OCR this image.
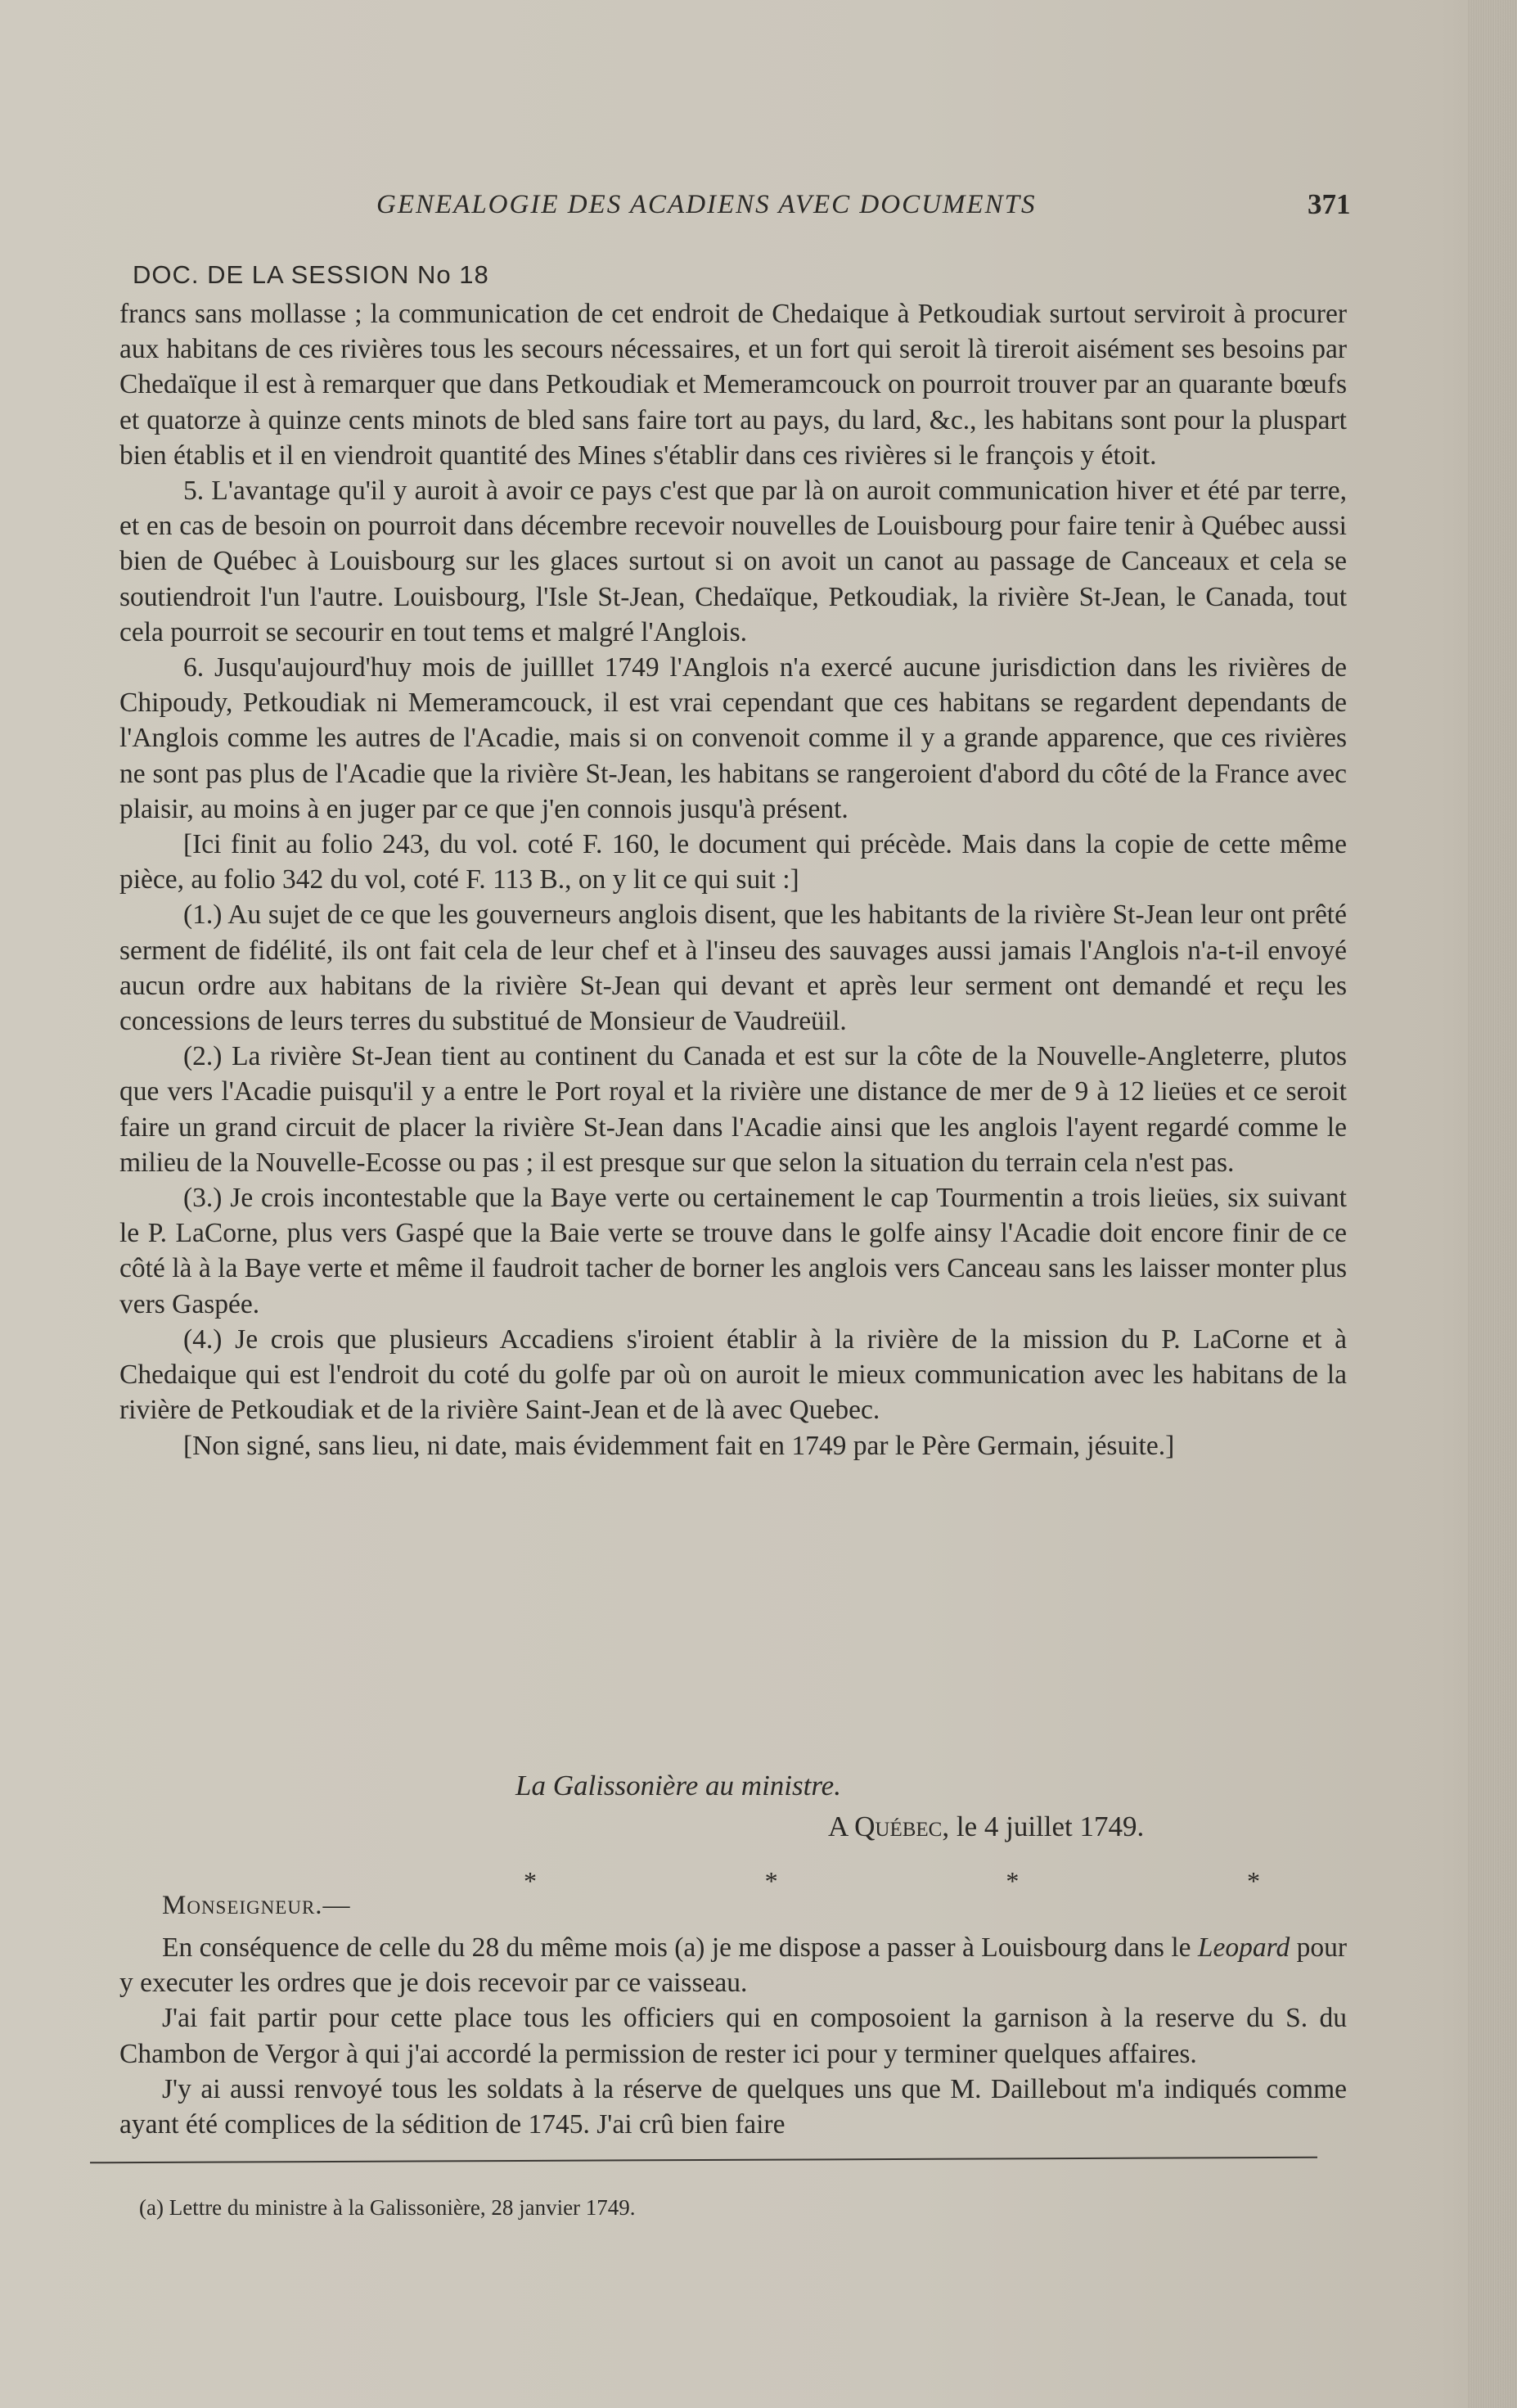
GENEALOGIE DES ACADIENS AVEC DOCUMENTS	371
DOC. DE LA SESSION No 18

francs sans mollasse ; la communication de cet endroit de Chedaique à Petkoudiak surtout serviroit à procurer aux habitans de ces rivières tous les secours nécessaires, et un fort qui seroit là tireroit aisément ses besoins par Chedaïque il est à remarquer que dans Petkoudiak et Memeramcouck on pourroit trouver par an quarante bœufs et quatorze à quinze cents minots de bled sans faire tort au pays, du lard, &c., les habitans sont pour la pluspart bien établis et il en viendroit quantité des Mines s'établir dans ces rivières si le françois y étoit.

5. L'avantage qu'il y auroit à avoir ce pays c'est que par là on auroit communication hiver et été par terre, et en cas de besoin on pourroit dans décembre recevoir nouvelles de Louisbourg pour faire tenir à Québec aussi bien de Québec à Louisbourg sur les glaces surtout si on avoit un canot au passage de Canceaux et cela se soutiendroit l'un l'autre. Louisbourg, l'Isle St-Jean, Chedaïque, Petkoudiak, la rivière St-Jean, le Canada, tout cela pourroit se secourir en tout tems et malgré l'Anglois.

6. Jusqu'aujourd'huy mois de juilllet 1749 l'Anglois n'a exercé aucune jurisdiction dans les rivières de Chipoudy, Petkoudiak ni Memeramcouck, il est vrai cependant que ces habitans se regardent dependants de l'Anglois comme les autres de l'Acadie, mais si on convenoit comme il y a grande apparence, que ces rivières ne sont pas plus de l'Acadie que la rivière St-Jean, les habitans se rangeroient d'abord du côté de la France avec plaisir, au moins à en juger par ce que j'en connois jusqu'à présent.

[Ici finit au folio 243, du vol. coté F. 160, le document qui précède. Mais dans la copie de cette même pièce, au folio 342 du vol, coté F. 113 B., on y lit ce qui suit :]

(1.) Au sujet de ce que les gouverneurs anglois disent, que les habitants de la rivière St-Jean leur ont prêté serment de fidélité, ils ont fait cela de leur chef et à l'inseu des sauvages aussi jamais l'Anglois n'a-t-il envoyé aucun ordre aux habitans de la rivière St-Jean qui devant et après leur serment ont demandé et reçu les concessions de leurs terres du substitué de Monsieur de Vaudreüil.

(2.) La rivière St-Jean tient au continent du Canada et est sur la côte de la Nouvelle-Angleterre, plutos que vers l'Acadie puisqu'il y a entre le Port royal et la rivière une distance de mer de 9 à 12 lieües et ce seroit faire un grand circuit de placer la rivière St-Jean dans l'Acadie ainsi que les anglois l'ayent regardé comme le milieu de la Nouvelle-Ecosse ou pas ; il est presque sur que selon la situation du terrain cela n'est pas.

(3.) Je crois incontestable que la Baye verte ou certainement le cap Tourmentin a trois lieües, six suivant le P. LaCorne, plus vers Gaspé que la Baie verte se trouve dans le golfe ainsy l'Acadie doit encore finir de ce côté là à la Baye verte et même il faudroit tacher de borner les anglois vers Canceau sans les laisser monter plus vers Gaspée.

(4.) Je crois que plusieurs Accadiens s'iroient établir à la rivière de la mission du P. LaCorne et à Chedaique qui est l'endroit du coté du golfe par où on auroit le mieux communication avec les habitans de la rivière de Petkoudiak et de la rivière Saint-Jean et de là avec Quebec.

[Non signé, sans lieu, ni date, mais évidemment fait en 1749 par le Père Germain, jésuite.]

La Galissonière au ministre.
A Québec, le 4 juillet 1749.
*	*	*	*
Monseigneur.—

En conséquence de celle du 28 du même mois (a) je me dispose a passer à Louisbourg dans le Leopard pour y executer les ordres que je dois recevoir par ce vaisseau.

J'ai fait partir pour cette place tous les officiers qui en composoient la garnison à la reserve du S. du Chambon de Vergor à qui j'ai accordé la permission de rester ici pour y terminer quelques affaires.

J'y ai aussi renvoyé tous les soldats à la réserve de quelques uns que M. Daillebout m'a indiqués comme ayant été complices de la sédition de 1745. J'ai crû bien faire

(a) Lettre du ministre à la Galissonière, 28 janvier 1749.
